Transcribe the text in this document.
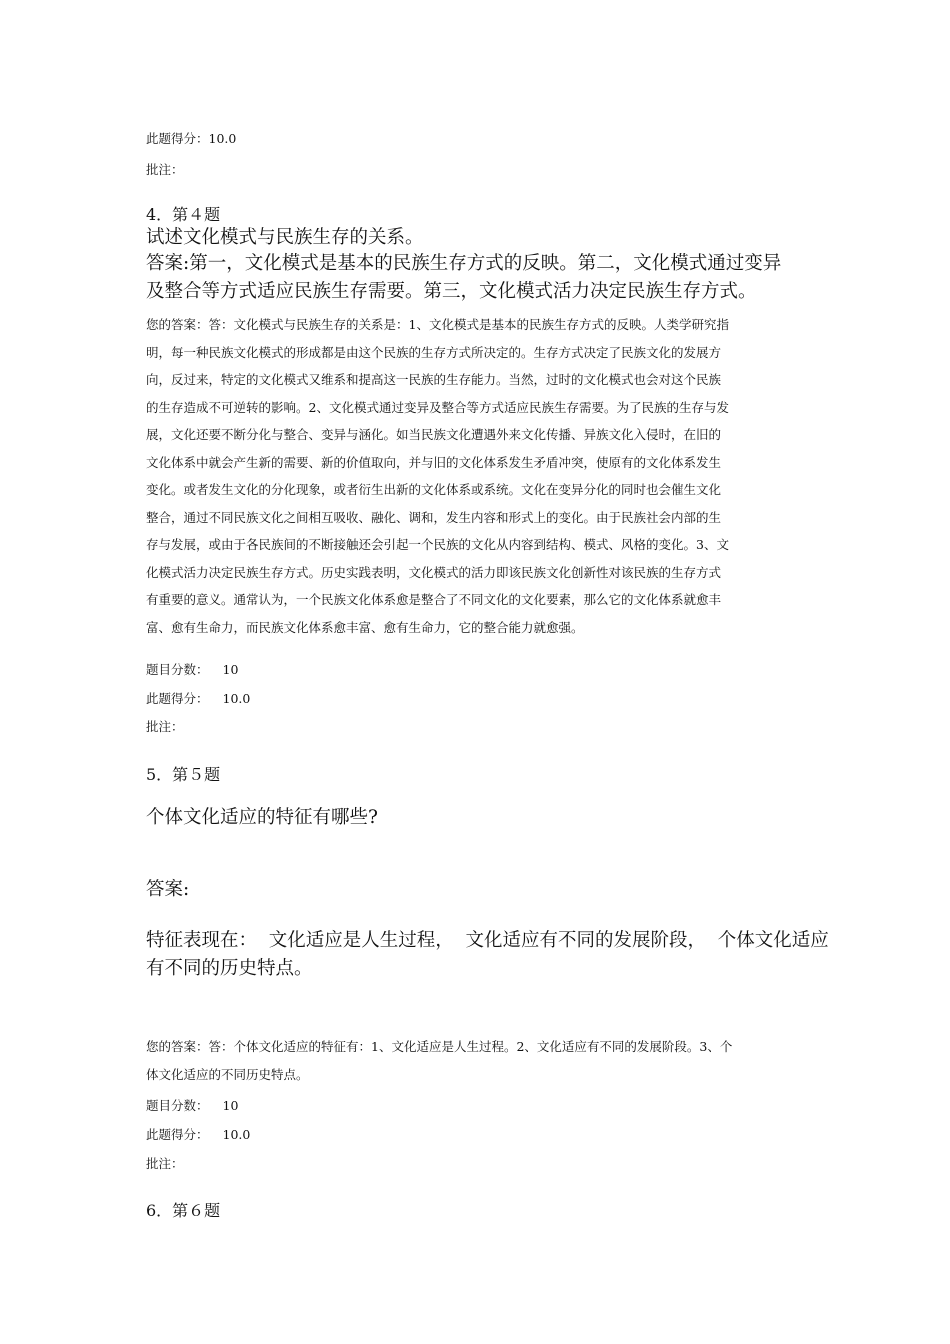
此题得分：10.0
批注：
4．第４题
试述文化模式与民族生存的关系。
答案:第一，文化模式是基本的民族生存方式的反映。第二，文化模式通过变异
及整合等方式适应民族生存需要。第三，文化模式活力决定民族生存方式。
您的答案：答：文化模式与民族生存的关系是：1、文化模式是基本的民族生存方式的反映。人类学研究指
明，每一种民族文化模式的形成都是由这个民族的生存方式所决定的。生存方式决定了民族文化的发展方
向，反过来，特定的文化模式又维系和提高这一民族的生存能力。当然，过时的文化模式也会对这个民族
的生存造成不可逆转的影响。2、文化模式通过变异及整合等方式适应民族生存需要。为了民族的生存与发
展，文化还要不断分化与整合、变异与涵化。如当民族文化遭遇外来文化传播、异族文化入侵时，在旧的
文化体系中就会产生新的需要、新的价值取向，并与旧的文化体系发生矛盾冲突，使原有的文化体系发生
变化。或者发生文化的分化现象，或者衍生出新的文化体系或系统。文化在变异分化的同时也会催生文化
整合，通过不同民族文化之间相互吸收、融化、调和，发生内容和形式上的变化。由于民族社会内部的生
存与发展，或由于各民族间的不断接触还会引起一个民族的文化从内容到结构、模式、风格的变化。3、文
化模式活力决定民族生存方式。历史实践表明，文化模式的活力即该民族文化创新性对该民族的生存方式
有重要的意义。通常认为，一个民族文化体系愈是整合了不同文化的文化要素，那么它的文化体系就愈丰
富、愈有生命力，而民族文化体系愈丰富、愈有生命力，它的整合能力就愈强。
题目分数： 10
此题得分： 10.0
批注：
5．第５题
个体文化适应的特征有哪些?
答案:
特征表现在：  文化适应是人生过程，  文化适应有不同的发展阶段，  个体文化适应
有不同的历史特点。
您的答案：答：个体文化适应的特征有：1、文化适应是人生过程。2、文化适应有不同的发展阶段。3、个
体文化适应的不同历史特点。
题目分数： 10
此题得分： 10.0
批注：
6．第６题
